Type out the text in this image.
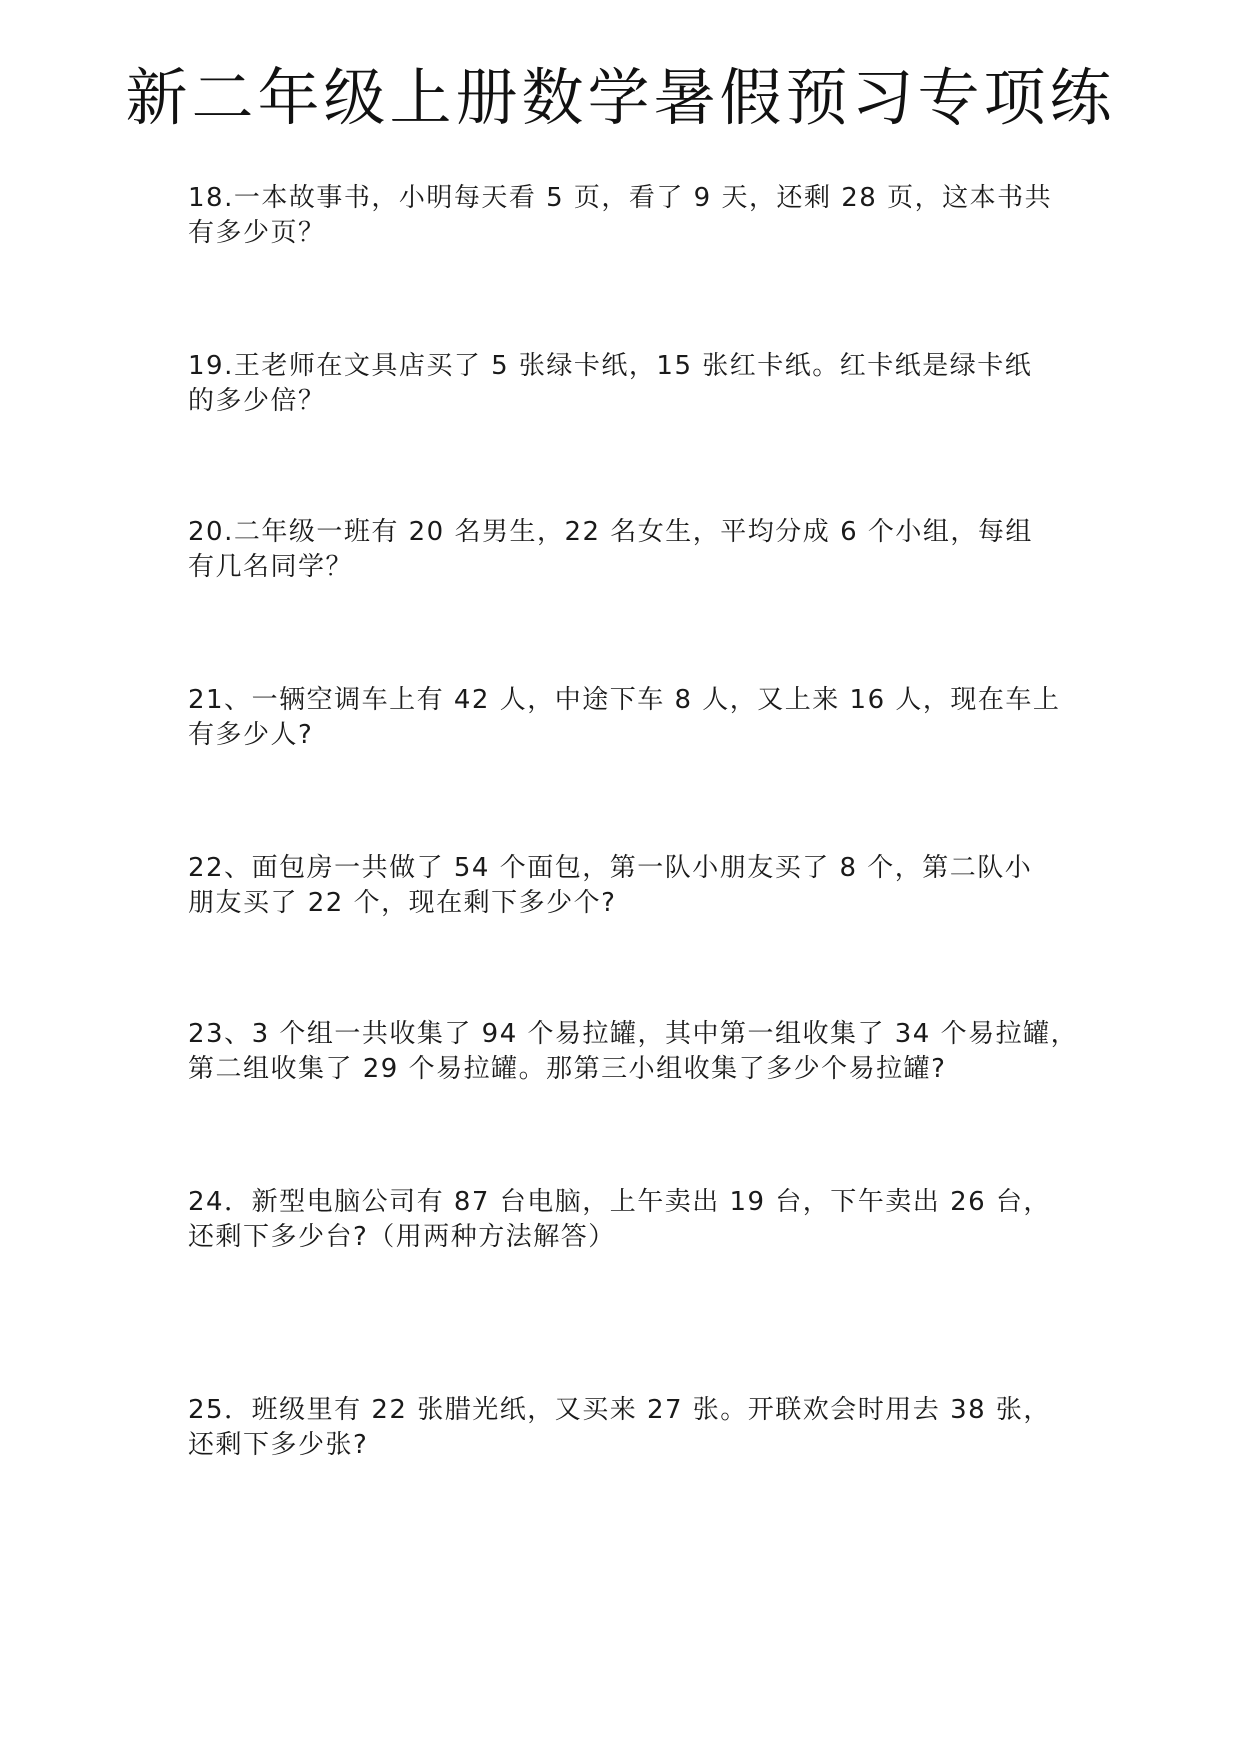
新二年级上册数学暑假预习专项练
18.一本故事书，小明每天看 5 页，看了 9 天，还剩 28 页，这本书共
有多少页？
19.王老师在文具店买了 5 张绿卡纸，15 张红卡纸。红卡纸是绿卡纸
的多少倍？
20.二年级一班有 20 名男生，22 名女生，平均分成 6 个小组，每组
有几名同学？
21、一辆空调车上有 42 人，中途下车 8 人，又上来 16 人，现在车上
有多少人?
22、面包房一共做了 54 个面包，第一队小朋友买了 8 个，第二队小
朋友买了 22 个，现在剩下多少个?
23、3 个组一共收集了 94 个易拉罐，其中第一组收集了 34 个易拉罐，
第二组收集了 29 个易拉罐。那第三小组收集了多少个易拉罐?
24．新型电脑公司有 87 台电脑，上午卖出 19 台，下午卖出 26 台，
还剩下多少台?（用两种方法解答）
25．班级里有 22 张腊光纸，又买来 27 张。开联欢会时用去 38 张，
还剩下多少张?
